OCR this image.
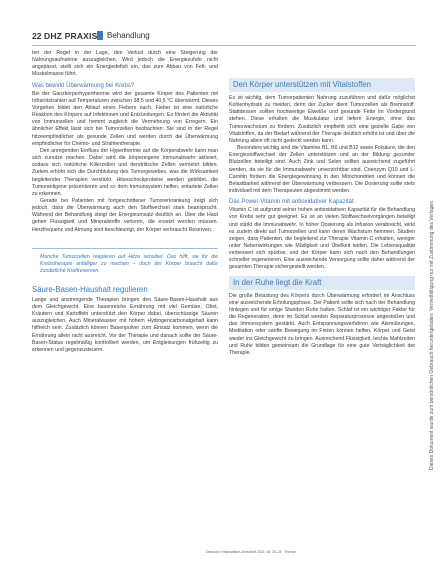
22 DHZ PRAXIS Behandlung

ten der Regel in der Lage, den Verlust durch eine Steigerung der Nahrungsaufnahme auszugleichen. Wird jedoch die Energiezufuhr nicht angepasst, stellt sich ein Energiedefizit ein, das zum Abbau von Fett- und Muskelmasse führt.

Was bewirkt Überwärmung bei Krebs?

Bei der Ganzkörperhyperthermie wird der gesamte Körper des Patienten mit Infrarotstrahlen auf Temperaturen zwischen 38,5 und 40,5 °C überwärmt. Dieses Vorgehen bildet den Ablauf eines Fiebers nach. Fieber ist eine natürliche Reaktion des Körpers auf Infektionen und Entzündungen. Es fördert die Aktivität von Immunzellen und hemmt zugleich die Vermehrung von Erregern. Ein ähnlicher Effekt lässt sich bei Tumorzellen beobachten: Sie sind in der Regel hitzeempfindlicher als gesunde Zellen und werden durch die Überwärmung empfindlicher für Chemo- und Strahlentherapie.

Den anregenden Einfluss der Hyperthermie auf die Körperabwehr kann man sich zunutze machen. Dabei wird die körpereigene Immunabwehr aktiviert, sodass sich natürliche Killerzellen und dendritische Zellen vermehrt bilden. Zudem erhöht sich die Durchblutung des Tumorgewebes, was die Wirksamkeit begleitender Therapien verstärkt. Hitzeschockproteine werden gebildet, die Tumorantigene präsentieren und so dem Immunsystem helfen, entartete Zellen zu erkennen.

Gerade bei Patienten mit fortgeschrittener Tumorerkrankung zeigt sich jedoch, dass die Überwärmung auch den Stoffwechsel stark beansprucht. Während der Behandlung steigt der Energieumsatz deutlich an. Über die Haut gehen Flüssigkeit und Mineralstoffe verloren, die ersetzt werden müssen. Herzfrequenz und Atmung sind beschleunigt, der Körper verbraucht Reserven.

Manche Tumorzellen reagieren auf Hitze sensibel. Das hilft, sie für die Krebstherapie anfälliger zu machen – doch der Körper braucht dafür zusätzliche Kraftreserven.
Säure-Basen-Haushalt regulieren

Lange und anstrengende Therapien bringen den Säure-Basen-Haushalt aus dem Gleichgewicht. Eine basenreiche Ernährung mit viel Gemüse, Obst, Kräutern und Kartoffeln unterstützt den Körper dabei, überschüssige Säuren auszugleichen. Auch Mineralwasser mit hohem Hydrogencarbonatgehalt kann hilfreich sein. Zusätzlich können Basenpulver zum Einsatz kommen, wenn die Ernährung allein nicht ausreicht. Vor der Therapie und danach sollte der Säure-Basen-Status regelmäßig kontrolliert werden, um Entgleisungen frühzeitig zu erkennen und gegenzusteuern.

Den Körper unterstützen mit Vitalstoffen

Es ist wichtig, dem Tumorpatienten Nahrung zuzuführen und dafür möglichst Kohlenhydrate zu meiden, denn der Zucker dient Tumorzellen als Brennstoff. Stattdessen sollten hochwertige Eiweiße und gesunde Fette im Vordergrund stehen. Diese erhalten die Muskulatur und liefern Energie, ohne das Tumorwachstum zu fördern. Zusätzlich empfiehlt sich eine gezielte Gabe von Vitalstoffen, da der Bedarf während der Therapie deutlich erhöht ist und über die Nahrung allein oft nicht gedeckt werden kann.

Besonders wichtig sind die Vitamine B1, B6 und B12 sowie Folsäure, die den Energiestoffwechsel der Zellen unterstützen und an der Bildung gesunder Blutzellen beteiligt sind. Auch Zink und Selen sollten ausreichend zugeführt werden, da sie für die Immunabwehr unverzichtbar sind. Coenzym Q10 und L-Carnitin fördern die Energiegewinnung in den Mitochondrien und können die Belastbarkeit während der Überwärmung verbessern. Die Dosierung sollte stets individuell mit dem Therapeuten abgestimmt werden.

Das Power-Vitamin mit antioxidativer Kapazität

Vitamin C ist aufgrund seiner hohen antioxidativen Kapazität für die Behandlung von Krebs sehr gut geeignet. Es ist an vielen Stoffwechselvorgängen beteiligt und stärkt die Immunabwehr. In hoher Dosierung als Infusion verabreicht, wirkt es zudem direkt auf Tumorzellen und kann deren Wachstum hemmen. Studien zeigen, dass Patienten, die begleitend zur Therapie Vitamin C erhalten, weniger unter Nebenwirkungen wie Müdigkeit und Übelkeit leiden. Die Lebensqualität verbessert sich spürbar, und der Körper kann sich nach den Behandlungen schneller regenerieren. Eine ausreichende Versorgung sollte daher während der gesamten Therapie sichergestellt werden.

In der Ruhe liegt die Kraft

Die große Belastung des Körpers durch Überwärmung erfordert im Anschluss eine ausreichende Erholungsphase. Der Patient sollte sich nach der Behandlung hinlegen und für einige Stunden Ruhe halten. Schlaf ist ein wichtiger Faktor für die Regeneration, denn im Schlaf werden Reparaturprozesse angestoßen und das Immunsystem gestärkt. Auch Entspannungsverfahren wie Atemübungen, Meditation oder sanfte Bewegung im Freien können helfen, Körper und Geist wieder ins Gleichgewicht zu bringen. Ausreichend Flüssigkeit, leichte Mahlzeiten und Ruhe bilden gemeinsam die Grundlage für eine gute Verträglichkeit der Therapie.	Dieses Dokument wurde zum persönlichen Gebrauch heruntergeladen. Vervielfältigung nur mit Zustimmung des Verlages.
Deutsche Heilpraktiker-Zeitschrift 2021; 16: 20–23 · Thieme
